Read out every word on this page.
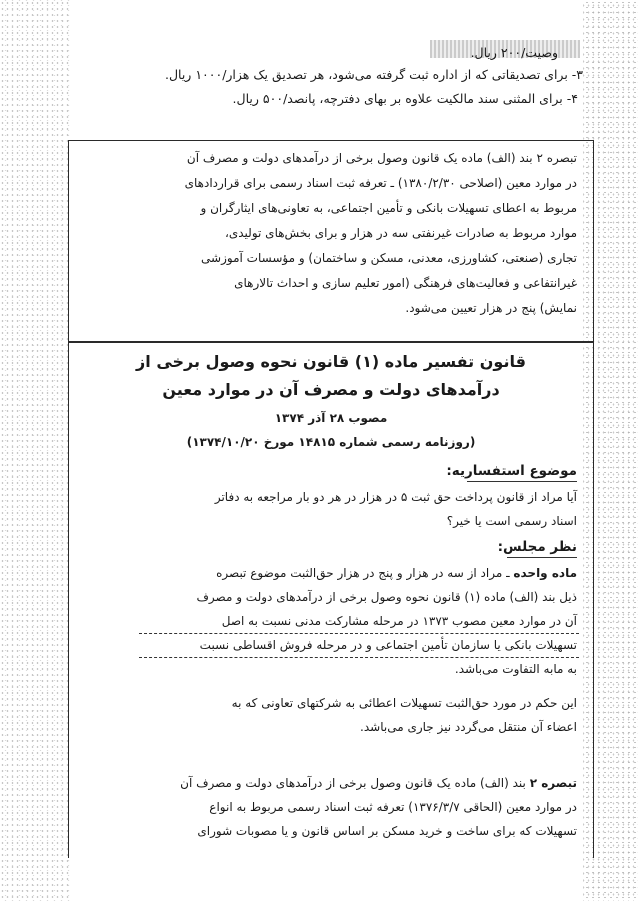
وصیت/۲۰۰ ریال.
۳- برای تصدیقاتی که از اداره ثبت گرفته می‌شود، هر تصدیق یک هزار/۱۰۰۰ ریال.
۴- برای المثنی سند مالکیت علاوه بر بهای دفترچه، پانصد/۵۰۰ ریال.
تبصره ۲ بند (الف) ماده یک قانون وصول برخی از درآمدهای دولت و مصرف آن
در موارد معین (اصلاحی ۱۳۸۰/۲/۳۰) ـ تعرفه ثبت اسناد رسمی برای قراردادهای
مربوط به اعطای تسهیلات بانکی و تأمین اجتماعی، به تعاونی‌های ایثارگران و
موارد مربوط به صادرات غیرنفتی سه در هزار و برای بخش‌های تولیدی،
تجاری (صنعتی، کشاورزی، معدنی، مسکن و ساختمان) و مؤسسات آموزشی
غیرانتفاعی و فعالیت‌های فرهنگی (امور تعلیم سازی و احداث تالارهای
نمایش) پنج در هزار تعیین می‌شود.
قانون تفسیر ماده (۱) قانون نحوه وصول برخی از
درآمدهای دولت و مصرف آن در موارد معین
مصوب ۲۸ آذر ۱۳۷۴
(روزنامه رسمی شماره ۱۴۸۱۵ مورخ ۱۳۷۴/۱۰/۲۰)
موضوع استفساریه:
آیا مراد از قانون پرداخت حق ثبت ۵ در هزار در هر دو بار مراجعه به دفاتر
اسناد رسمی است یا خیر؟
نظر مجلس:
ماده واحده ـ مراد از سه در هزار و پنج در هزار حق‌الثبت موضوع تبصره
ذیل بند (الف) ماده (۱) قانون نحوه وصول برخی از درآمدهای دولت و مصرف
آن در موارد معین مصوب ۱۳۷۳ در مرحله مشارکت مدنی نسبت به اصل
تسهیلات بانکی یا سازمان تأمین اجتماعی و در مرحله فروش اقساطی نسبت
به مابه‌ التفاوت می‌باشد.
این حکم در مورد حق‌الثبت تسهیلات اعطائی به شرکتهای تعاونی که به
اعضاء آن منتقل می‌گردد نیز جاری می‌باشد.
تبصره ۲ بند (الف) ماده یک قانون وصول برخی از درآمدهای دولت و مصرف آن
در موارد معین (الحاقی ۱۳۷۶/۳/۷) تعرفه ثبت اسناد رسمی مربوط به انواع
تسهیلات که برای ساخت و خرید مسکن بر اساس قانون و یا مصوبات شورای
